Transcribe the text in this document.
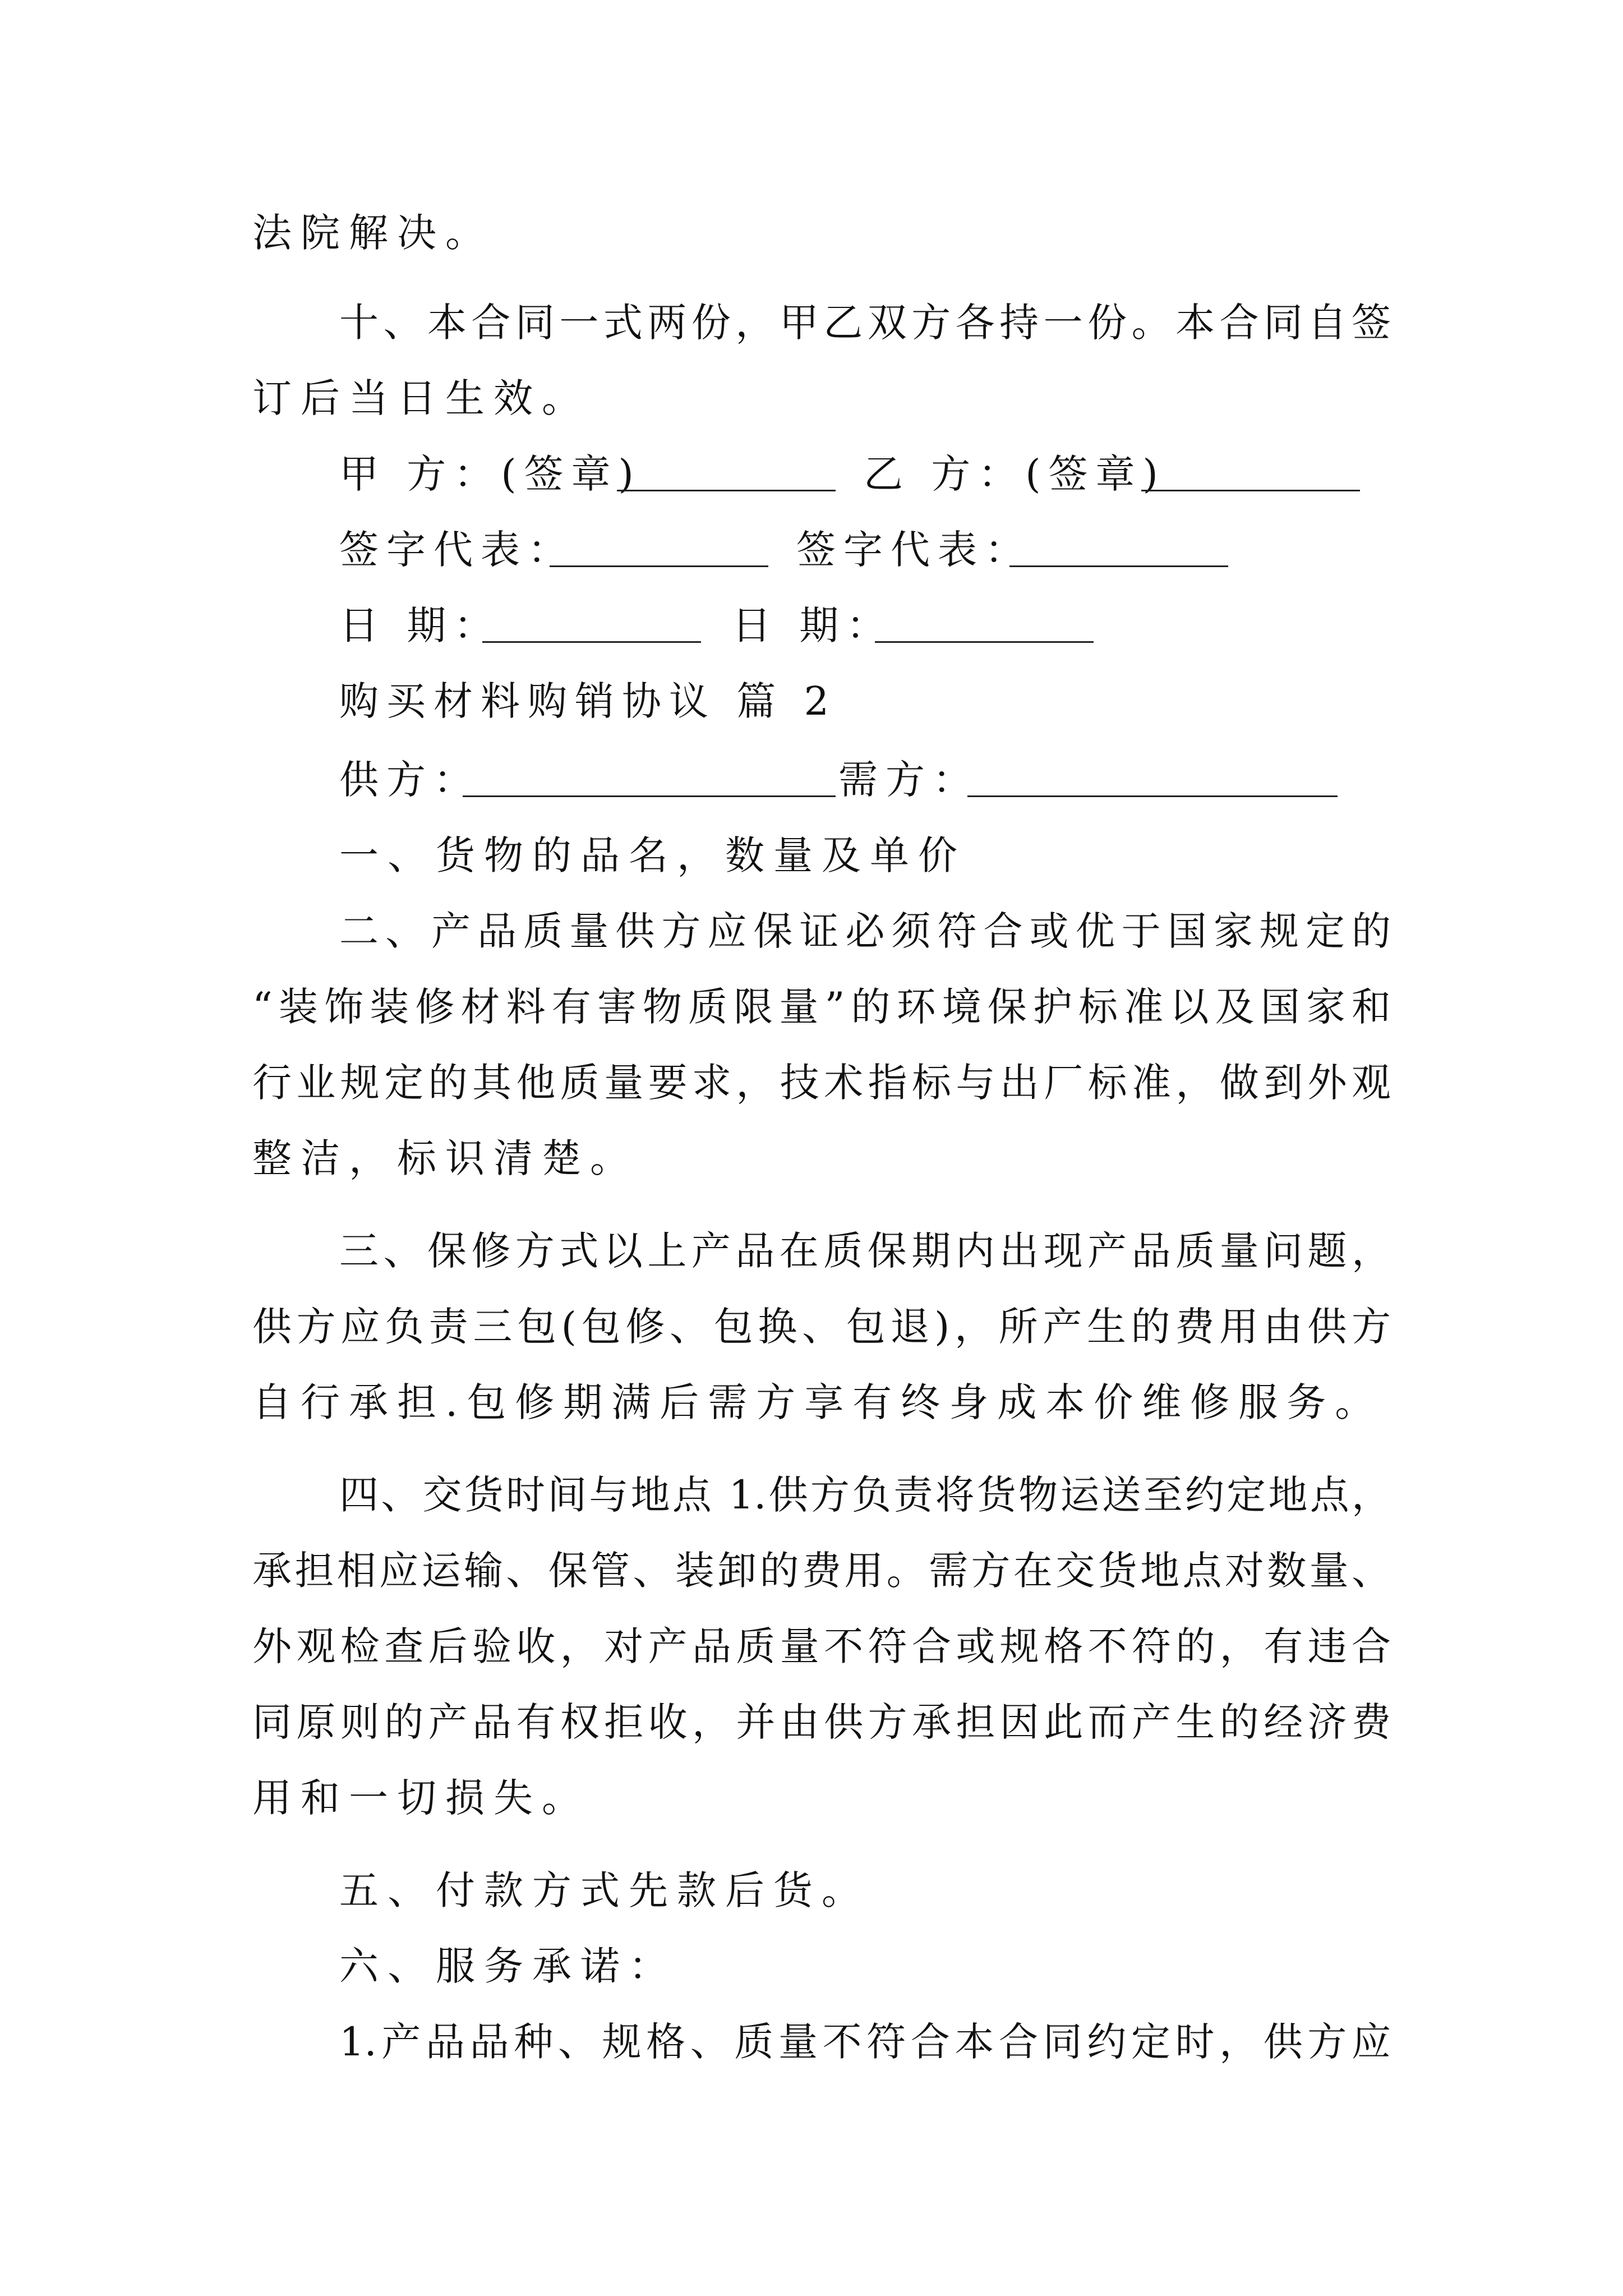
法院解决。
十、本合同一式两份，甲乙双方各持一份。本合同自签
订后当日生效。
甲 方：(签章)	乙 方：(签章)
签字代表：	签字代表：
日 期：	日 期：
购买材料购销协议 篇 2
供方：	需方：
一、货物的品名，数量及单价
二、产品质量供方应保证必须符合或优于国家规定的
“装饰装修材料有害物质限量”的环境保护标准以及国家和
行业规定的其他质量要求，技术指标与出厂标准，做到外观
整洁，标识清楚。
三、保修方式以上产品在质保期内出现产品质量问题，
供方应负责三包(包修、包换、包退)，所产生的费用由供方
自行承担.包修期满后需方享有终身成本价维修服务。
四、交货时间与地点 1.供方负责将货物运送至约定地点，
承担相应运输、保管、装卸的费用。需方在交货地点对数量、
外观检查后验收，对产品质量不符合或规格不符的，有违合
同原则的产品有权拒收，并由供方承担因此而产生的经济费
用和一切损失。
五、付款方式先款后货。
六、服务承诺：
1.产品品种、规格、质量不符合本合同约定时，供方应
